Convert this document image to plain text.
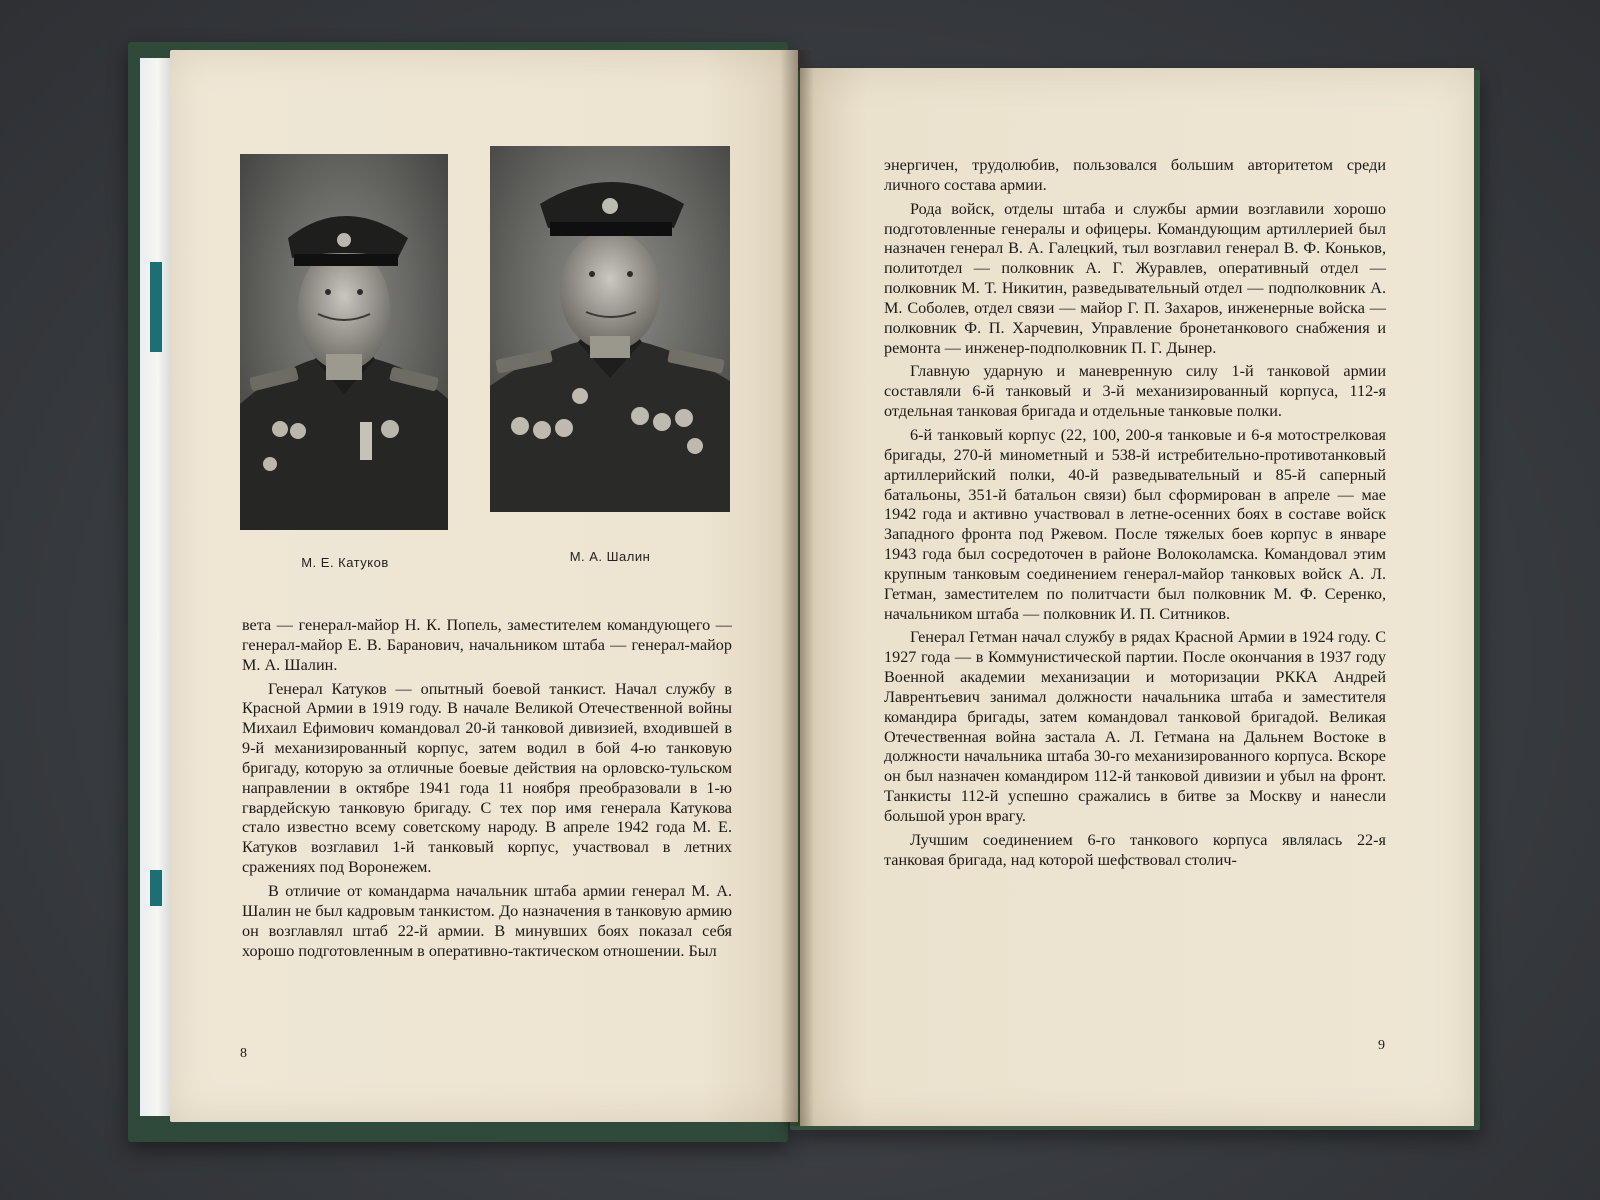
М. Е. Катуков	М. А. Шалин

вета — генерал-майор Н. К. Попель, заместителем командующего — генерал-майор Е. В. Баранович, начальником штаба — генерал-майор М. А. Шалин.

Генерал Катуков — опытный боевой танкист. Начал службу в Красной Армии в 1919 году. В начале Великой Отечественной войны Михаил Ефимович командовал 20-й танковой дивизией, входившей в 9-й механизированный корпус, затем водил в бой 4-ю танковую бригаду, которую за отличные боевые действия на орловско-тульском направлении в октябре 1941 года 11 ноября преобразовали в 1-ю гвардейскую танковую бригаду. С тех пор имя генерала Катукова стало известно всему советскому народу. В апреле 1942 года М. Е. Катуков возглавил 1-й танковый корпус, участвовал в летних сражениях под Воронежем.

В отличие от командарма начальник штаба армии генерал М. А. Шалин не был кадровым танкистом. До назначения в танковую армию он возглавлял штаб 22-й армии. В минувших боях показал себя хорошо подготовленным в оперативно-тактическом отношении. Был

8

энергичен, трудолюбив, пользовался большим авторитетом среди личного состава армии.

Рода войск, отделы штаба и службы армии возглавили хорошо подготовленные генералы и офицеры. Командующим артиллерией был назначен генерал В. А. Галецкий, тыл возглавил генерал В. Ф. Коньков, политотдел — полковник А. Г. Журавлев, оперативный отдел — полковник М. Т. Никитин, разведывательный отдел — подполковник А. М. Соболев, отдел связи — майор Г. П. Захаров, инженерные войска — полковник Ф. П. Харчевин, Управление бронетанкового снабжения и ремонта — инженер-подполковник П. Г. Дынер.

Главную ударную и маневренную силу 1-й танковой армии составляли 6-й танковый и 3-й механизированный корпуса, 112-я отдельная танковая бригада и отдельные танковые полки.

6-й танковый корпус (22, 100, 200-я танковые и 6-я мотострелковая бригады, 270-й минометный и 538-й истребительно-противотанковый артиллерийский полки, 40-й разведывательный и 85-й саперный батальоны, 351-й батальон связи) был сформирован в апреле — мае 1942 года и активно участвовал в летне-осенних боях в составе войск Западного фронта под Ржевом. После тяжелых боев корпус в январе 1943 года был сосредоточен в районе Волоколамска. Командовал этим крупным танковым соединением генерал-майор танковых войск А. Л. Гетман, заместителем по политчасти был полковник М. Ф. Серенко, начальником штаба — полковник И. П. Ситников.

Генерал Гетман начал службу в рядах Красной Армии в 1924 году. С 1927 года — в Коммунистической партии. После окончания в 1937 году Военной академии механизации и моторизации РККА Андрей Лаврентьевич занимал должности начальника штаба и заместителя командира бригады, затем командовал танковой бригадой. Великая Отечественная война застала А. Л. Гетмана на Дальнем Востоке в должности начальника штаба 30-го механизированного корпуса. Вскоре он был назначен командиром 112-й танковой дивизии и убыл на фронт. Танкисты 112-й успешно сражались в битве за Москву и нанесли большой урон врагу.

Лучшим соединением 6-го танкового корпуса являлась 22-я танковая бригада, над которой шефствовал столич-

9
